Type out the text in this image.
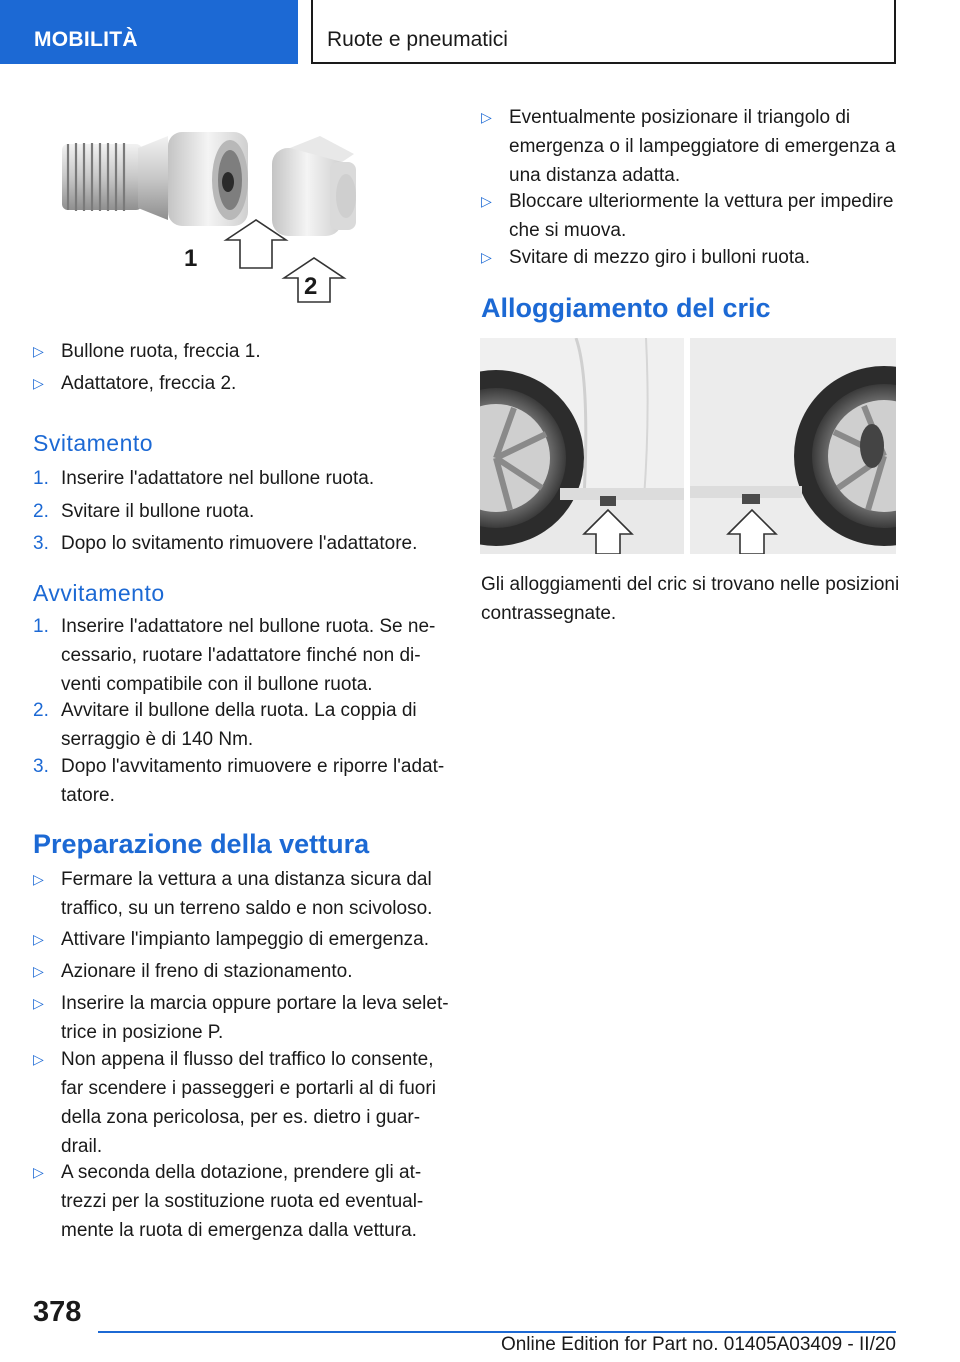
MOBILITÀ	Ruote e pneumatici
1
2
▷ Bullone ruota, freccia 1.
▷ Adattatore, freccia 2.
Svitamento
1. Inserire l'adattatore nel bullone ruota.
2. Svitare il bullone ruota.
3. Dopo lo svitamento rimuovere l'adattatore.
Avvitamento
1. Inserire l'adattatore nel bullone ruota. Se ne-
cessario, ruotare l'adattatore finché non di-
venti compatibile con il bullone ruota.
2. Avvitare il bullone della ruota. La coppia di
serraggio è di 140 Nm.
3. Dopo l'avvitamento rimuovere e riporre l'adat-
tatore.
Preparazione della vettura
▷ Fermare la vettura a una distanza sicura dal
traffico, su un terreno saldo e non scivoloso.
▷ Attivare l'impianto lampeggio di emergenza.
▷ Azionare il freno di stazionamento.
▷ Inserire la marcia oppure portare la leva selet-
trice in posizione P.
▷ Non appena il flusso del traffico lo consente,
far scendere i passeggeri e portarli al di fuori
della zona pericolosa, per es. dietro i guar-
drail.
▷ A seconda della dotazione, prendere gli at-
trezzi per la sostituzione ruota ed eventual-
mente la ruota di emergenza dalla vettura.
▷ Eventualmente posizionare il triangolo di
emergenza o il lampeggiatore di emergenza a
una distanza adatta.
▷ Bloccare ulteriormente la vettura per impedire
che si muova.
▷ Svitare di mezzo giro i bulloni ruota.
Alloggiamento del cric
Gli alloggiamenti del cric si trovano nelle posizioni
contrassegnate.
378
Online Edition for Part no. 01405A03409 - II/20
